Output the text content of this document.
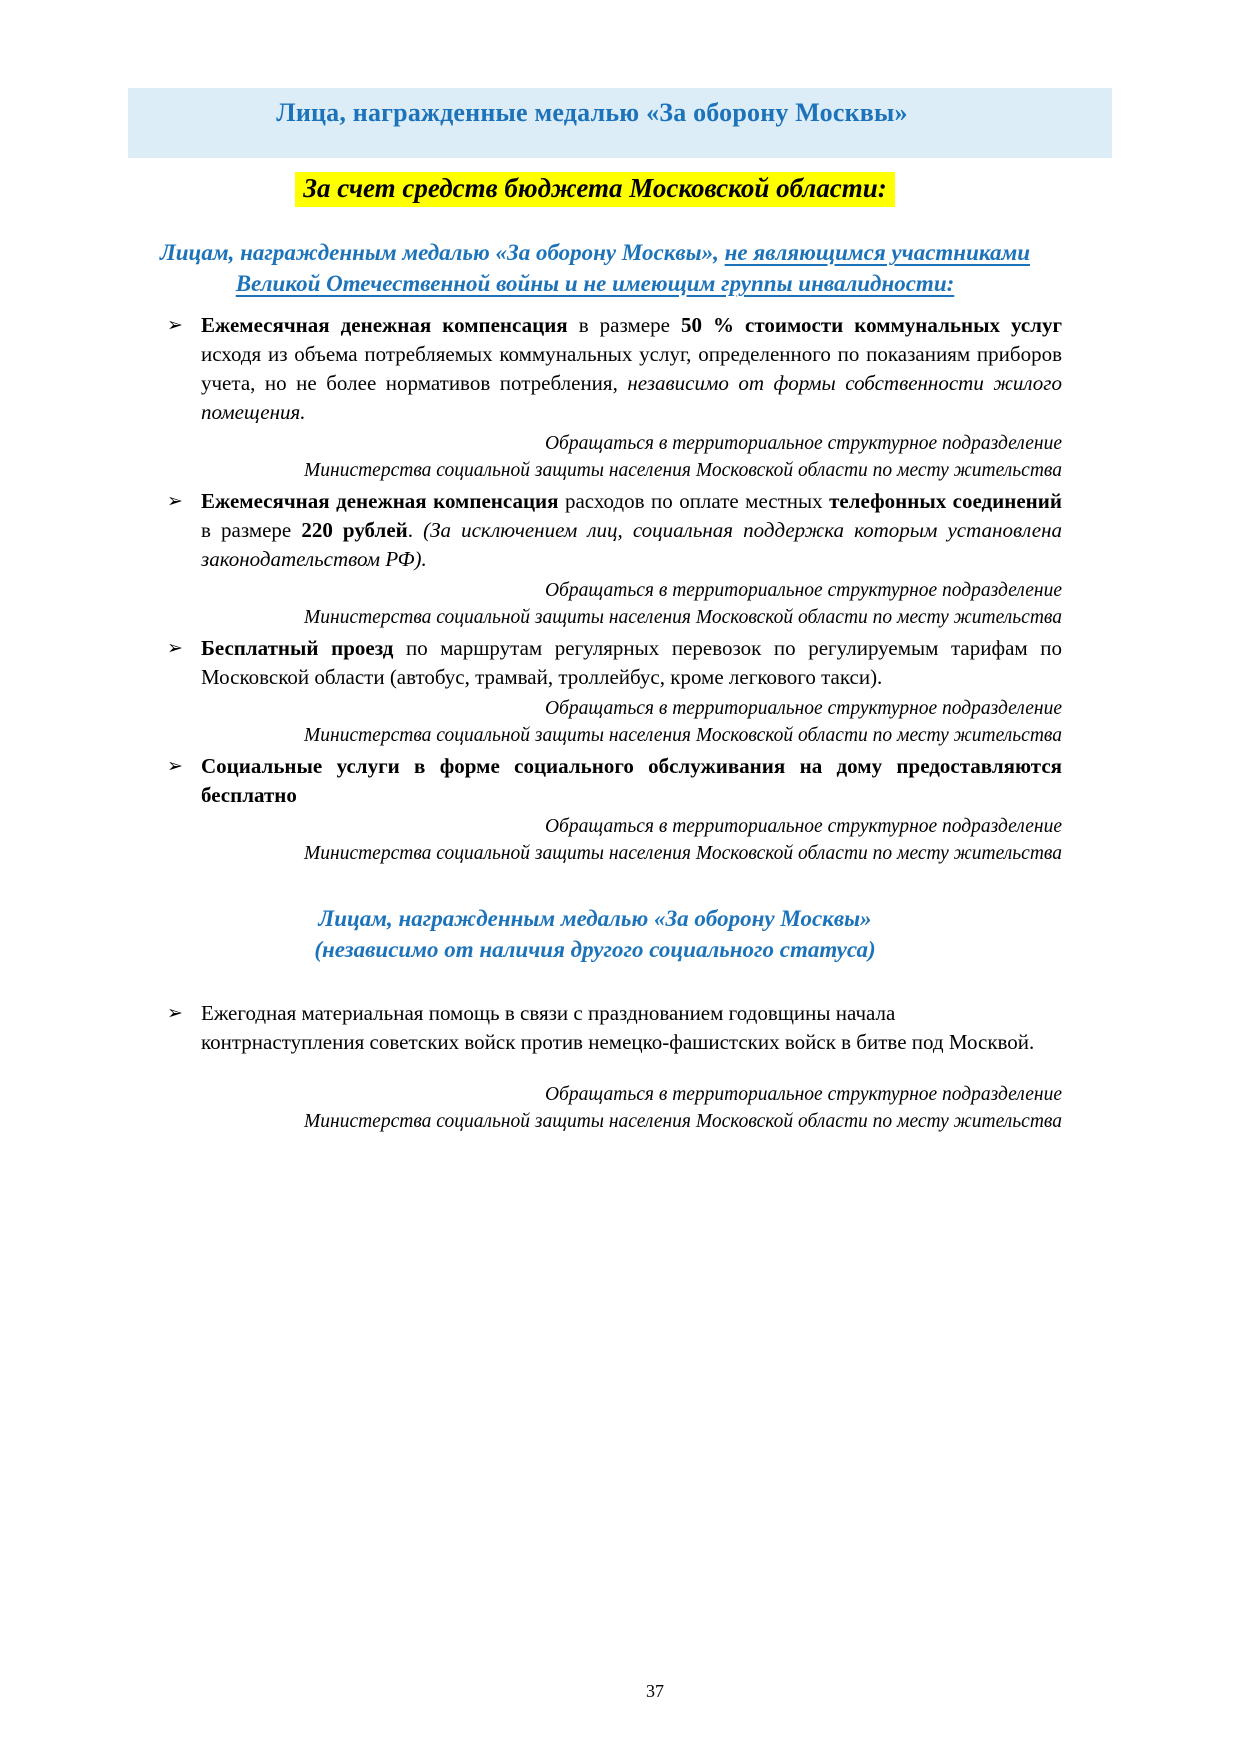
Лица, награжденные медалью «За оборону Москвы»
За счет средств бюджета Московской области:
Лицам, награжденным медалью «За оборону Москвы», не являющимся участниками
Великой Отечественной войны и не имеющим группы инвалидности:
➢ Ежемесячная денежная компенсация в размере 50 % стоимости коммунальных услуг исходя из объема потребляемых коммунальных услуг, определенного по показаниям приборов учета, но не более нормативов потребления, независимо от формы собственности жилого помещения.

Обращаться в территориальное структурное подразделение
Министерства социальной защиты населения Московской области по месту жительства

➢ Ежемесячная денежная компенсация расходов по оплате местных телефонных соединений в размере 220 рублей. (За исключением лиц, социальная поддержка которым установлена законодательством РФ).

Обращаться в территориальное структурное подразделение
Министерства социальной защиты населения Московской области по месту жительства

➢ Бесплатный проезд по маршрутам регулярных перевозок по регулируемым тарифам по Московской области (автобус, трамвай, троллейбус, кроме легкового такси).

Обращаться в территориальное структурное подразделение
Министерства социальной защиты населения Московской области по месту жительства

➢ Социальные услуги в форме социального обслуживания на дому предоставляются бесплатно

Обращаться в территориальное структурное подразделение
Министерства социальной защиты населения Московской области по месту жительства

Лицам, награжденным медалью «За оборону Москвы»
(независимо от наличия другого социального статуса)
➢ Ежегодная материальная помощь в связи с празднованием годовщины начала контрнаступления советских войск против немецко-фашистских войск в битве под Москвой.

Обращаться в территориальное структурное подразделение
Министерства социальной защиты населения Московской области по месту жительства

37
